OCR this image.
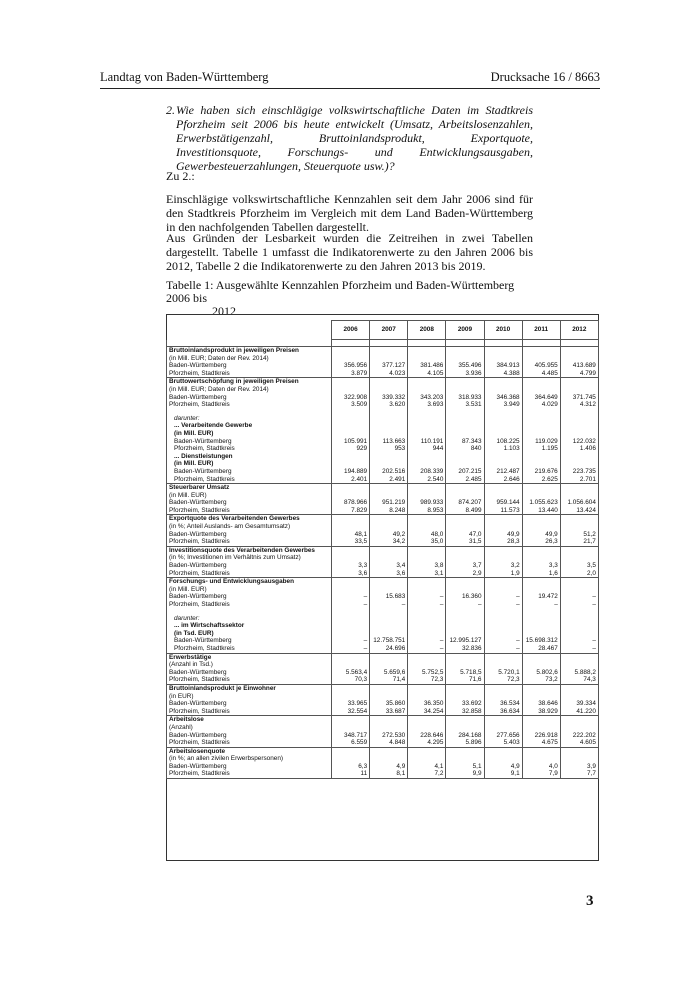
Landtag von Baden-Württemberg	Drucksache 16 / 8663
2. Wie haben sich einschlägige volkswirtschaftliche Daten im Stadtkreis Pforzheim seit 2006 bis heute entwickelt (Umsatz, Arbeitslosenzahlen, Erwerbstätigenzahl, Bruttoinlandsprodukt, Exportquote, Investitionsquote, Forschungs- und Entwicklungsausgaben, Gewerbesteuerzahlungen, Steuerquote usw.)?
Zu 2.:
Einschlägige volkswirtschaftliche Kennzahlen seit dem Jahr 2006 sind für den Stadtkreis Pforzheim im Vergleich mit dem Land Baden-Württemberg in den nachfolgenden Tabellen dargestellt.
Aus Gründen der Lesbarkeit wurden die Zeitreihen in zwei Tabellen dargestellt. Tabelle 1 umfasst die Indikatorenwerte zu den Jahren 2006 bis 2012, Tabelle 2 die Indikatorenwerte zu den Jahren 2013 bis 2019.
Tabelle 1: Ausgewählte Kennzahlen Pforzheim und Baden-Württemberg 2006 bis
2012
	2006	2007	2008	2009	2010	2011	2012

Bruttoinlandsprodukt in jeweiligen Preisen							
(in Mill. EUR; Daten der Rev. 2014)							
Baden-Württemberg	356.956	377.127	381.486	355.496	384.913	405.955	413.689
Pforzheim, Stadtkreis	3.879	4.023	4.105	3.936	4.388	4.485	4.799
Bruttowertschöpfung in jeweiligen Preisen							
(in Mill. EUR; Daten der Rev. 2014)							
Baden-Württemberg	322.908	339.332	343.203	318.933	346.368	364.649	371.745
Pforzheim, Stadtkreis	3.509	3.620	3.693	3.531	3.949	4.029	4.312

darunter:							
... Verarbeitende Gewerbe							
(in Mill. EUR)							
Baden-Württemberg	105.991	113.663	110.191	87.343	108.225	119.029	122.032
Pforzheim, Stadtkreis	929	953	944	840	1.103	1.195	1.406
... Dienstleistungen							
(in Mill. EUR)							
Baden-Württemberg	194.889	202.516	208.339	207.215	212.487	219.676	223.735
Pforzheim, Stadtkreis	2.401	2.491	2.540	2.485	2.646	2.625	2.701
Steuerbarer Umsatz							
(in Mill. EUR)							
Baden-Württemberg	878.966	951.219	989.933	874.207	959.144	1.055.623	1.056.604
Pforzheim, Stadtkreis	7.829	8.248	8.953	8.499	11.573	13.440	13.424
Exportquote des Verarbeitenden Gewerbes							
(in %; Anteil Auslands- am Gesamtumsatz)							
Baden-Württemberg	48,1	49,2	48,0	47,0	49,9	49,9	51,2
Pforzheim, Stadtkreis	33,5	34,2	35,0	31,5	28,3	26,3	21,7
Investitionsquote des Verarbeitenden Gewerbes							
(in %; Investitionen im Verhältnis zum Umsatz)							
Baden-Württemberg	3,3	3,4	3,8	3,7	3,2	3,3	3,5
Pforzheim, Stadtkreis	3,6	3,6	3,1	2,9	1,9	1,6	2,0
Forschungs- und Entwicklungsausgaben							
(in Mill. EUR)							
Baden-Württemberg	–	15.683	–	16.360	–	19.472	–
Pforzheim, Stadtkreis	–	–	–	–	–	–	–

darunter:							
... im Wirtschaftssektor							
(in Tsd. EUR)							
Baden-Württemberg	–	12.758.751	–	12.995.127	–	15.698.312	–
Pforzheim, Stadtkreis	–	24.696	–	32.836	–	28.467	–
Erwerbstätige							
(Anzahl in Tsd.)							
Baden-Württemberg	5.563,4	5.659,6	5.752,5	5.718,5	5.720,1	5.802,6	5.888,2
Pforzheim, Stadtkreis	70,3	71,4	72,3	71,6	72,3	73,2	74,3
Bruttoinlandsprodukt je Einwohner							
(in EUR)							
Baden-Württemberg	33.965	35.860	36.350	33.692	36.534	38.646	39.334
Pforzheim, Stadtkreis	32.554	33.687	34.254	32.858	36.634	38.929	41.220
Arbeitslose							
(Anzahl)							
Baden-Württemberg	348.717	272.530	228.646	284.168	277.656	226.918	222.202
Pforzheim, Stadtkreis	6.559	4.848	4.295	5.896	5.403	4.675	4.605
Arbeitslosenquote							
(in %; an allen zivilen Erwerbspersonen)							
Baden-Württemberg	6,3	4,9	4,1	5,1	4,9	4,0	3,9
Pforzheim, Stadtkreis	11	8,1	7,2	9,9	9,1	7,9	7,7
3
